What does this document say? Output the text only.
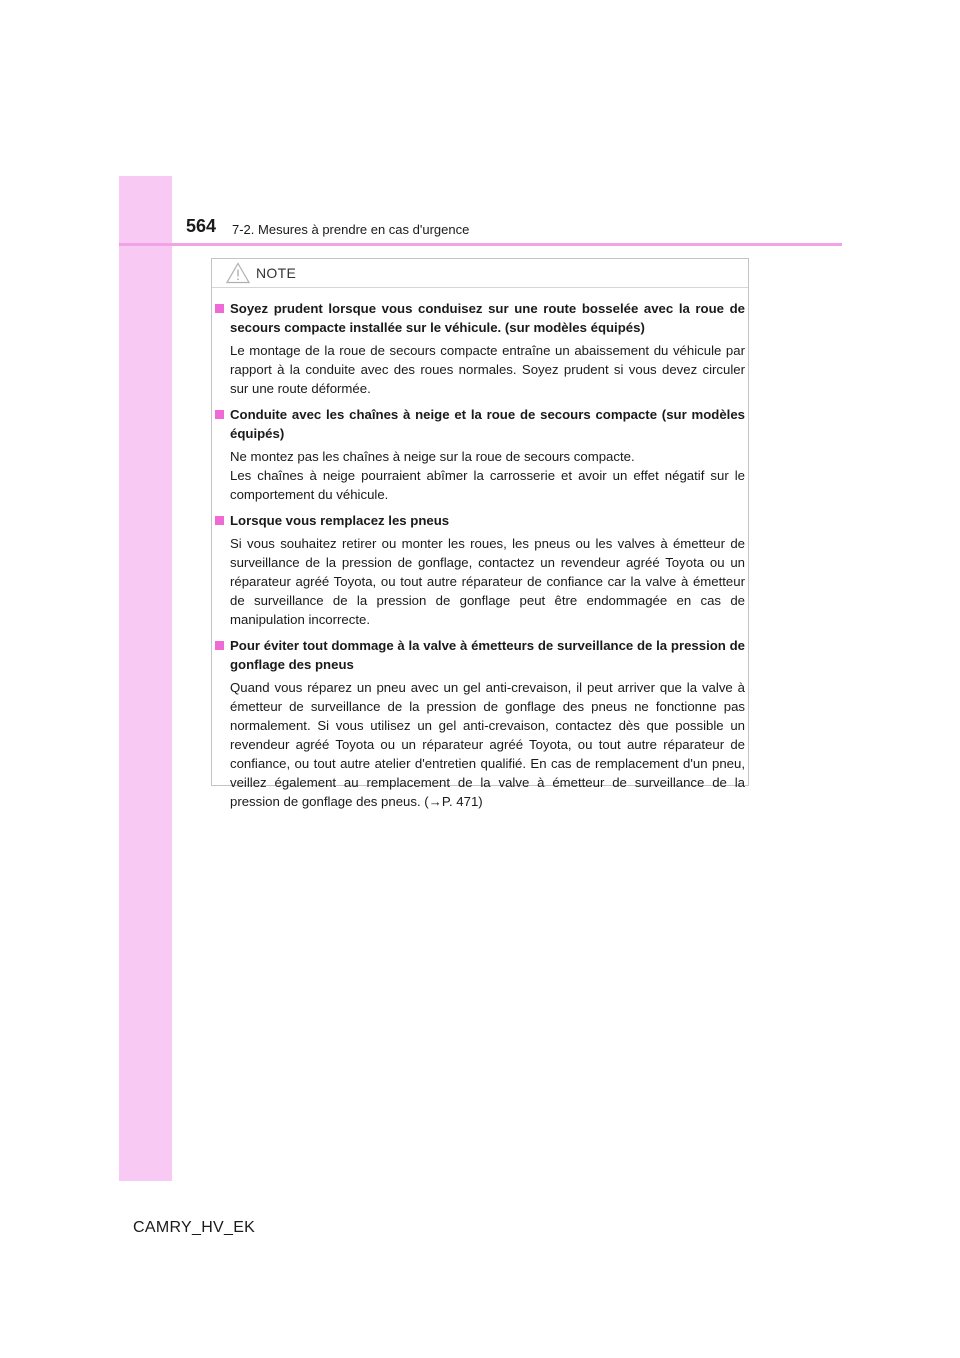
564 7-2. Mesures à prendre en cas d'urgence
NOTE
Soyez prudent lorsque vous conduisez sur une route bosselée avec la roue de secours compacte installée sur le véhicule. (sur modèles équipés)

Le montage de la roue de secours compacte entraîne un abaissement du véhicule par rapport à la conduite avec des roues normales. Soyez prudent si vous devez circuler sur une route déformée.

Conduite avec les chaînes à neige et la roue de secours compacte (sur modèles équipés)

Ne montez pas les chaînes à neige sur la roue de secours compacte.

Les chaînes à neige pourraient abîmer la carrosserie et avoir un effet négatif sur le comportement du véhicule.

Lorsque vous remplacez les pneus

Si vous souhaitez retirer ou monter les roues, les pneus ou les valves à émetteur de surveillance de la pression de gonflage, contactez un revendeur agréé Toyota ou un réparateur agréé Toyota, ou tout autre réparateur de confiance car la valve à émetteur de surveillance de la pression de gonflage peut être endommagée en cas de manipulation incorrecte.

Pour éviter tout dommage à la valve à émetteurs de surveillance de la pression de gonflage des pneus

Quand vous réparez un pneu avec un gel anti-crevaison, il peut arriver que la valve à émetteur de surveillance de la pression de gonflage des pneus ne fonctionne pas normalement. Si vous utilisez un gel anti-crevaison, contactez dès que possible un revendeur agréé Toyota ou un réparateur agréé Toyota, ou tout autre réparateur de confiance, ou tout autre atelier d'entretien qualifié. En cas de remplacement d'un pneu, veillez également au remplacement de la valve à émetteur de surveillance de la pression de gonflage des pneus. (→P. 471)

CAMRY_HV_EK
